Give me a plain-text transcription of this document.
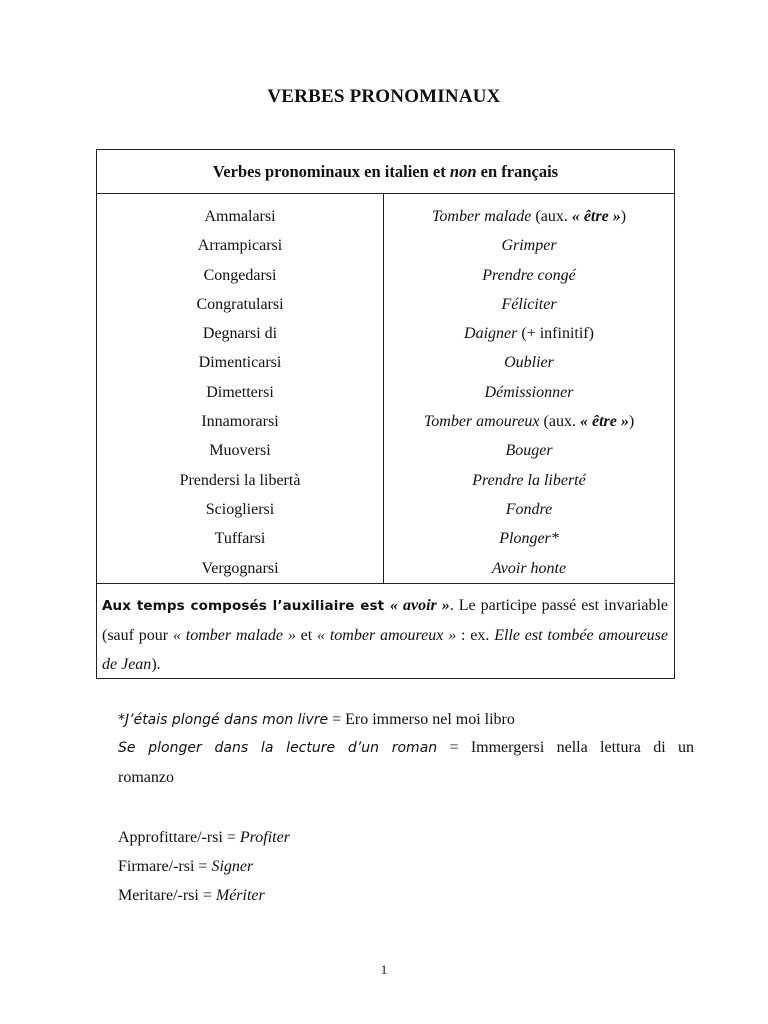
VERBES PRONOMINAUX
Verbes pronominaux en italien et non en français
Ammalarsi
Arrampicarsi
Congedarsi
Congratularsi
Degnarsi di
Dimenticarsi
Dimettersi
Innamorarsi
Muoversi
Prendersi la libertà
Sciogliersi
Tuffarsi
Vergognarsi
Tomber malade (aux. « être »)
Grimper
Prendre congé
Féliciter
Daigner (+ infinitif)
Oublier
Démissionner
Tomber amoureux (aux. « être »)
Bouger
Prendre la liberté
Fondre
Plonger*
Avoir honte
Aux temps composés l’auxiliaire est « avoir ». Le participe passé est invariable (sauf pour « tomber malade » et « tomber amoureux » : ex. Elle est tombée amoureuse de Jean).
*J’étais plongé dans mon livre = Ero immerso nel moi libro
Se plonger dans la lecture d’un roman = Immergersi nella lettura di un
romanzo
Approfittare/-rsi = Profiter
Firmare/-rsi = Signer
Meritare/-rsi = Mériter
1
